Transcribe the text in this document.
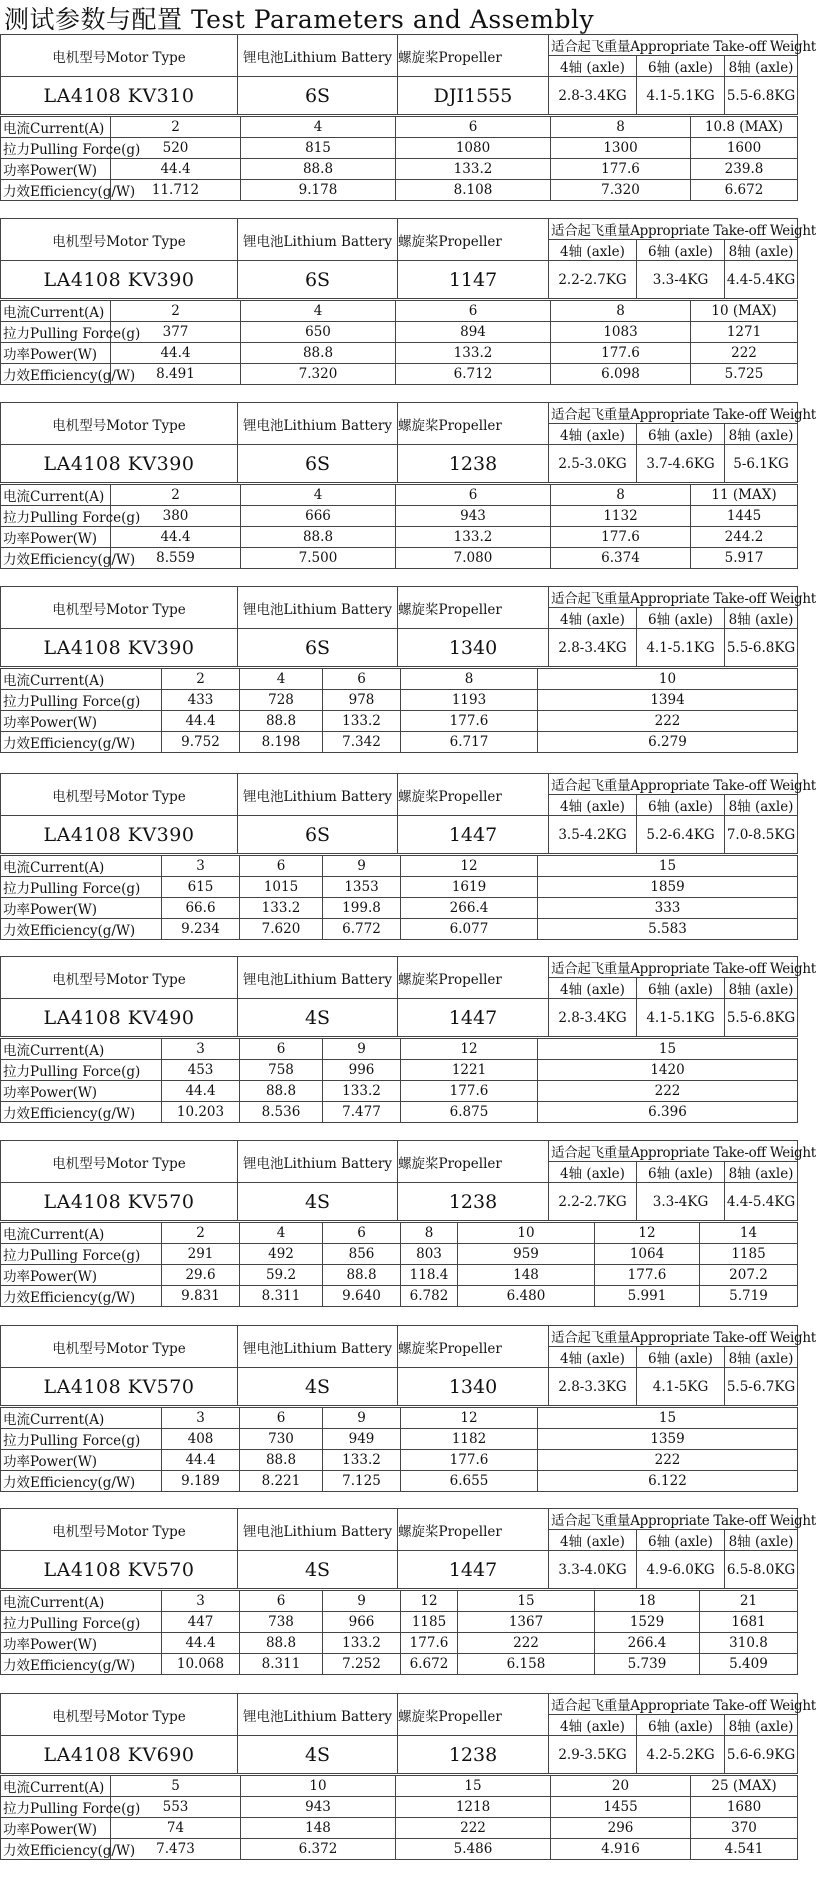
测试参数与配置 Test Parameters and Assembly
电机型号Motor Type	锂电池Lithium Battery	螺旋桨Propeller	适合起飞重量Appropriate Take-off Weight		
			4轴 (axle)	6轴 (axle)	8轴 (axle)
LA4108 KV310	6S	DJI1555	2.8-3.4KG	4.1-5.1KG	5.5-6.8KG
电流Current(A)	2	4	6	8	10.8 (MAX)
拉力Pulling Force(g)	520	815	1080	1300	1600
功率Power(W)	44.4	88.8	133.2	177.6	239.8
力效Efficiency(g/W)	11.712	9.178	8.108	7.320	6.672
电机型号Motor Type	锂电池Lithium Battery	螺旋桨Propeller	适合起飞重量Appropriate Take-off Weight		
			4轴 (axle)	6轴 (axle)	8轴 (axle)
LA4108 KV390	6S	1147	2.2-2.7KG	3.3-4KG	4.4-5.4KG
电流Current(A)	2	4	6	8	10 (MAX)
拉力Pulling Force(g)	377	650	894	1083	1271
功率Power(W)	44.4	88.8	133.2	177.6	222
力效Efficiency(g/W)	8.491	7.320	6.712	6.098	5.725
电机型号Motor Type	锂电池Lithium Battery	螺旋桨Propeller	适合起飞重量Appropriate Take-off Weight		
			4轴 (axle)	6轴 (axle)	8轴 (axle)
LA4108 KV390	6S	1238	2.5-3.0KG	3.7-4.6KG	5-6.1KG
电流Current(A)	2	4	6	8	11 (MAX)
拉力Pulling Force(g)	380	666	943	1132	1445
功率Power(W)	44.4	88.8	133.2	177.6	244.2
力效Efficiency(g/W)	8.559	7.500	7.080	6.374	5.917
电机型号Motor Type	锂电池Lithium Battery	螺旋桨Propeller	适合起飞重量Appropriate Take-off Weight		
			4轴 (axle)	6轴 (axle)	8轴 (axle)
LA4108 KV390	6S	1340	2.8-3.4KG	4.1-5.1KG	5.5-6.8KG
电流Current(A)	2	4	6	8	10	
拉力Pulling Force(g)	433	728	978	1193	1394	
功率Power(W)	44.4	88.8	133.2	177.6	222	
力效Efficiency(g/W)	9.752	8.198	7.342	6.717	6.279	
电机型号Motor Type	锂电池Lithium Battery	螺旋桨Propeller	适合起飞重量Appropriate Take-off Weight		
			4轴 (axle)	6轴 (axle)	8轴 (axle)
LA4108 KV390	6S	1447	3.5-4.2KG	5.2-6.4KG	7.0-8.5KG
电流Current(A)	3	6	9	12	15	
拉力Pulling Force(g)	615	1015	1353	1619	1859	
功率Power(W)	66.6	133.2	199.8	266.4	333	
力效Efficiency(g/W)	9.234	7.620	6.772	6.077	5.583	
电机型号Motor Type	锂电池Lithium Battery	螺旋桨Propeller	适合起飞重量Appropriate Take-off Weight		
			4轴 (axle)	6轴 (axle)	8轴 (axle)
LA4108 KV490	4S	1447	2.8-3.4KG	4.1-5.1KG	5.5-6.8KG
电流Current(A)	3	6	9	12	15	
拉力Pulling Force(g)	453	758	996	1221	1420	
功率Power(W)	44.4	88.8	133.2	177.6	222	
力效Efficiency(g/W)	10.203	8.536	7.477	6.875	6.396	
电机型号Motor Type	锂电池Lithium Battery	螺旋桨Propeller	适合起飞重量Appropriate Take-off Weight		
			4轴 (axle)	6轴 (axle)	8轴 (axle)
LA4108 KV570	4S	1238	2.2-2.7KG	3.3-4KG	4.4-5.4KG
电流Current(A)	2	4	6	8	10	12	14	
拉力Pulling Force(g)	291	492	856	803	959	1064	1185	
功率Power(W)	29.6	59.2	88.8	118.4	148	177.6	207.2	
力效Efficiency(g/W)	9.831	8.311	9.640	6.782	6.480	5.991	5.719	
电机型号Motor Type	锂电池Lithium Battery	螺旋桨Propeller	适合起飞重量Appropriate Take-off Weight		
			4轴 (axle)	6轴 (axle)	8轴 (axle)
LA4108 KV570	4S	1340	2.8-3.3KG	4.1-5KG	5.5-6.7KG
电流Current(A)	3	6	9	12	15	
拉力Pulling Force(g)	408	730	949	1182	1359	
功率Power(W)	44.4	88.8	133.2	177.6	222	
力效Efficiency(g/W)	9.189	8.221	7.125	6.655	6.122	
电机型号Motor Type	锂电池Lithium Battery	螺旋桨Propeller	适合起飞重量Appropriate Take-off Weight		
			4轴 (axle)	6轴 (axle)	8轴 (axle)
LA4108 KV570	4S	1447	3.3-4.0KG	4.9-6.0KG	6.5-8.0KG
电流Current(A)	3	6	9	12	15	18	21	
拉力Pulling Force(g)	447	738	966	1185	1367	1529	1681	
功率Power(W)	44.4	88.8	133.2	177.6	222	266.4	310.8	
力效Efficiency(g/W)	10.068	8.311	7.252	6.672	6.158	5.739	5.409	
电机型号Motor Type	锂电池Lithium Battery	螺旋桨Propeller	适合起飞重量Appropriate Take-off Weight		
			4轴 (axle)	6轴 (axle)	8轴 (axle)
LA4108 KV690	4S	1238	2.9-3.5KG	4.2-5.2KG	5.6-6.9KG
电流Current(A)	5	10	15	20	25 (MAX)
拉力Pulling Force(g)	553	943	1218	1455	1680
功率Power(W)	74	148	222	296	370
力效Efficiency(g/W)	7.473	6.372	5.486	4.916	4.541
